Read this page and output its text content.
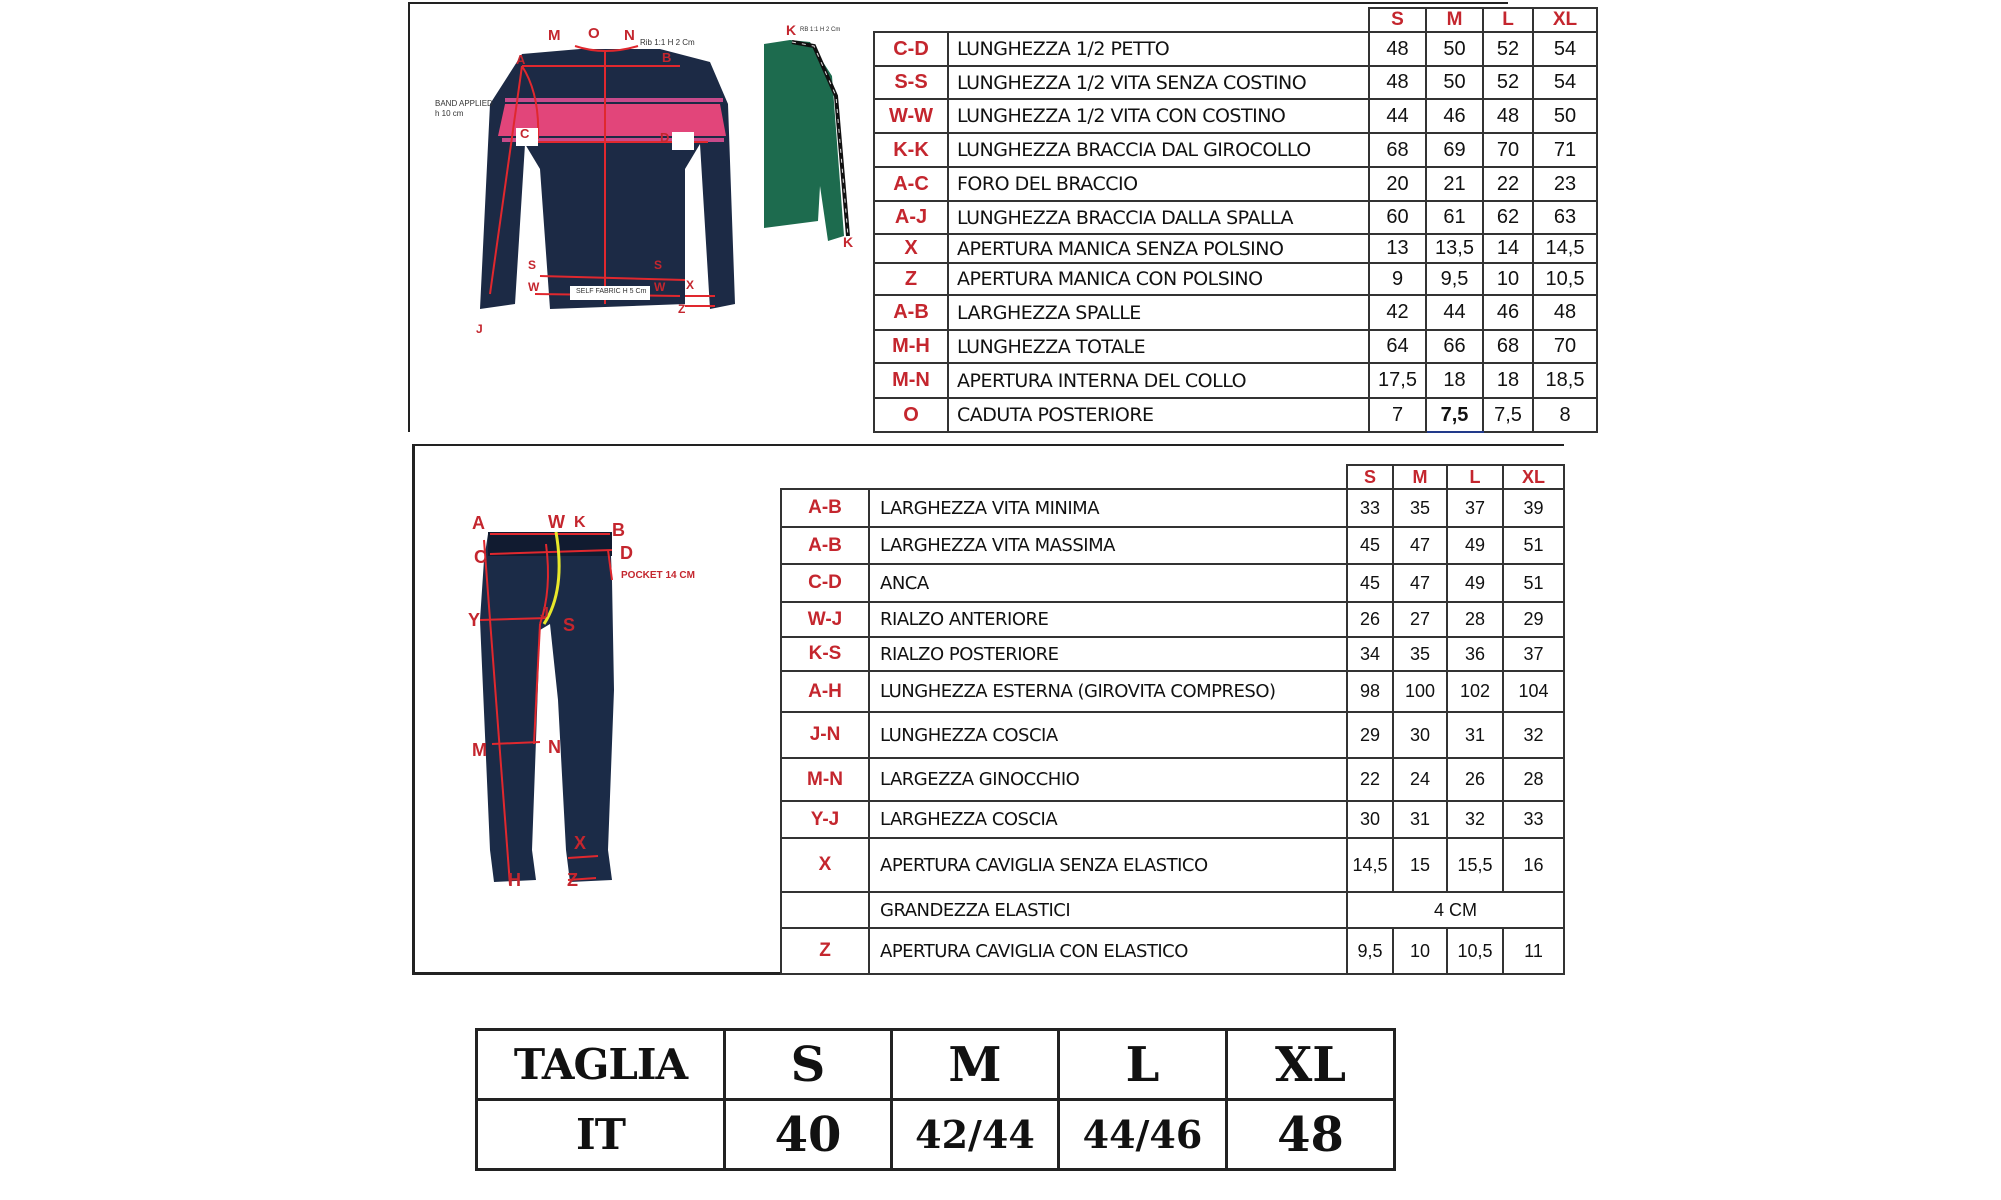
M O N
A	B
C	D
S	S
W	W X
Z
J
Rib 1:1 H 2 Cm
BAND APPLIED
h 10 cm
SELF FABRIC H 5 Cm
K
K
RB 1:1 H 2 Cm
		S	M	L	XL
C-D	LUNGHEZZA 1/2 PETTO	48	50	52	54
S-S	LUNGHEZZA 1/2 VITA SENZA COSTINO	48	50	52	54
W-W	LUNGHEZZA 1/2 VITA CON COSTINO	44	46	48	50
K-K	LUNGHEZZA BRACCIA DAL GIROCOLLO	68	69	70	71
A-C	FORO DEL BRACCIO	20	21	22	23
A-J	LUNGHEZZA BRACCIA DALLA SPALLA	60	61	62	63
X	APERTURA MANICA SENZA POLSINO	13	13,5	14	14,5
Z	APERTURA MANICA CON POLSINO	9	9,5	10	10,5
A-B	LARGHEZZA SPALLE	42	44	46	48
M-H	LUNGHEZZA TOTALE	64	66	68	70
M-N	APERTURA INTERNA DEL COLLO	17,5	18	18	18,5
O	CADUTA POSTERIORE	7	7,5	7,5	8
A	W K B
C	D
Y	J
S
M	N
X
H	Z
POCKET 14 CM
		S	M	L	XL
A-B	LARGHEZZA VITA MINIMA	33	35	37	39
A-B	LARGHEZZA VITA MASSIMA	45	47	49	51
C-D	ANCA	45	47	49	51
W-J	RIALZO ANTERIORE	26	27	28	29
K-S	RIALZO POSTERIORE	34	35	36	37
A-H	LUNGHEZZA ESTERNA (GIROVITA COMPRESO)	98	100	102	104
J-N	LUNGHEZZA COSCIA	29	30	31	32
M-N	LARGEZZA GINOCCHIO	22	24	26	28
Y-J	LARGHEZZA COSCIA	30	31	32	33
X	APERTURA CAVIGLIA SENZA ELASTICO	14,5	15	15,5	16
	GRANDEZZA ELASTICI	4 CM			
Z	APERTURA CAVIGLIA CON ELASTICO	9,5	10	10,5	11
TAGLIA	S	M	L	XL
IT	40	42/44	44/46	48
